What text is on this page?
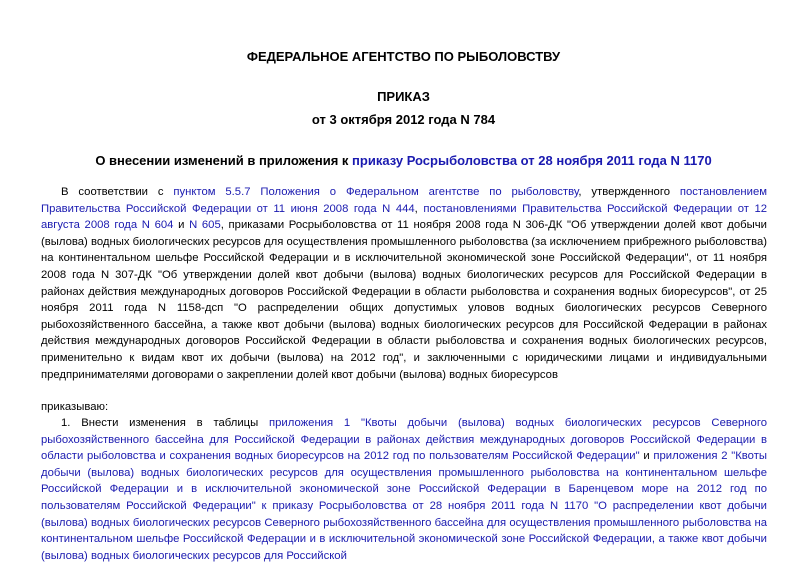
ФЕДЕРАЛЬНОЕ АГЕНТСТВО ПО РЫБОЛОВСТВУ
ПРИКАЗ
от 3 октября 2012 года N 784
О внесении изменений в приложения к приказу Росрыболовства от 28 ноября 2011 года N 1170
В соответствии с пунктом 5.5.7 Положения о Федеральном агентстве по рыболовству, утвержденного постановлением Правительства Российской Федерации от 11 июня 2008 года N 444, постановлениями Правительства Российской Федерации от 12 августа 2008 года N 604 и N 605, приказами Росрыболовства от 11 ноября 2008 года N 306-ДК "Об утверждении долей квот добычи (вылова) водных биологических ресурсов для осуществления промышленного рыболовства (за исключением прибрежного рыболовства) на континентальном шельфе Российской Федерации и в исключительной экономической зоне Российской Федерации", от 11 ноября 2008 года N 307-ДК "Об утверждении долей квот добычи (вылова) водных биологических ресурсов для Российской Федерации в районах действия международных договоров Российской Федерации в области рыболовства и сохранения водных биоресурсов", от 25 ноября 2011 года N 1158-дсп "О распределении общих допустимых уловов водных биологических ресурсов Северного рыбохозяйственного бассейна, а также квот добычи (вылова) водных биологических ресурсов для Российской Федерации в районах действия международных договоров Российской Федерации в области рыболовства и сохранения водных биологических ресурсов, применительно к видам квот их добычи (вылова) на 2012 год", и заключенными с юридическими лицами и индивидуальными предпринимателями договорами о закреплении долей квот добычи (вылова) водных биоресурсов
приказываю:
1. Внести изменения в таблицы приложения 1 "Квоты добычи (вылова) водных биологических ресурсов Северного рыбохозяйственного бассейна для Российской Федерации в районах действия международных договоров Российской Федерации в области рыболовства и сохранения водных биоресурсов на 2012 год по пользователям Российской Федерации" и приложения 2 "Квоты добычи (вылова) водных биологических ресурсов для осуществления промышленного рыболовства на континентальном шельфе Российской Федерации и в исключительной экономической зоне Российской Федерации в Баренцевом море на 2012 год по пользователям Российской Федерации" к приказу Росрыболовства от 28 ноября 2011 года N 1170 "О распределении квот добычи (вылова) водных биологических ресурсов Северного рыбохозяйственного бассейна для осуществления промышленного рыболовства на континентальном шельфе Российской Федерации и в исключительной экономической зоне Российской Федерации, а также квот добычи (вылова) водных биологических ресурсов для Российской
